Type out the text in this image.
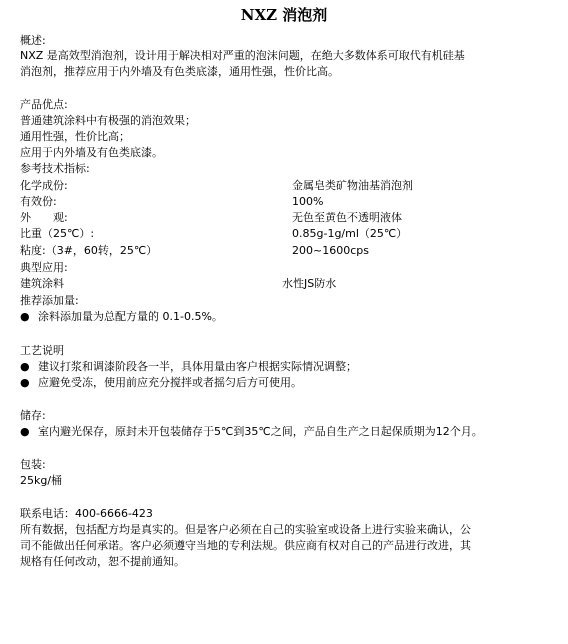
NXZ 消泡剂
概述:
NXZ 是高效型消泡剂，设计用于解决相对严重的泡沫问题，在绝大多数体系可取代有机硅基
消泡剂，推荐应用于内外墙及有色类底漆，通用性强，性价比高。
产品优点:
普通建筑涂料中有极强的消泡效果；
通用性强，性价比高；
应用于内外墙及有色类底漆。
参考技术指标:
化学成份:	金属皂类矿物油基消泡剂
有效份:	100%
外　　观:	无色至黄色不透明液体
比重（25℃）:	0.85g-1g/ml（25℃）
粘度:（3#，60转，25℃）	200~1600cps
典型应用:
建筑涂料	水性JS防水
推荐添加量:
● 涂料添加量为总配方量的 0.1-0.5%。
工艺说明
● 建议打浆和调漆阶段各一半，具体用量由客户根据实际情况调整；
● 应避免受冻，使用前应充分搅拌或者摇匀后方可使用。
储存:
● 室内避光保存，原封未开包装储存于5℃到35℃之间，产品自生产之日起保质期为12个月。
包装:
25kg/桶
联系电话：400-6666-423
所有数据，包括配方均是真实的。但是客户必须在自己的实验室或设备上进行实验来确认，公
司不能做出任何承诺。客户必须遵守当地的专利法规。供应商有权对自己的产品进行改进，其
规格有任何改动，恕不提前通知。
